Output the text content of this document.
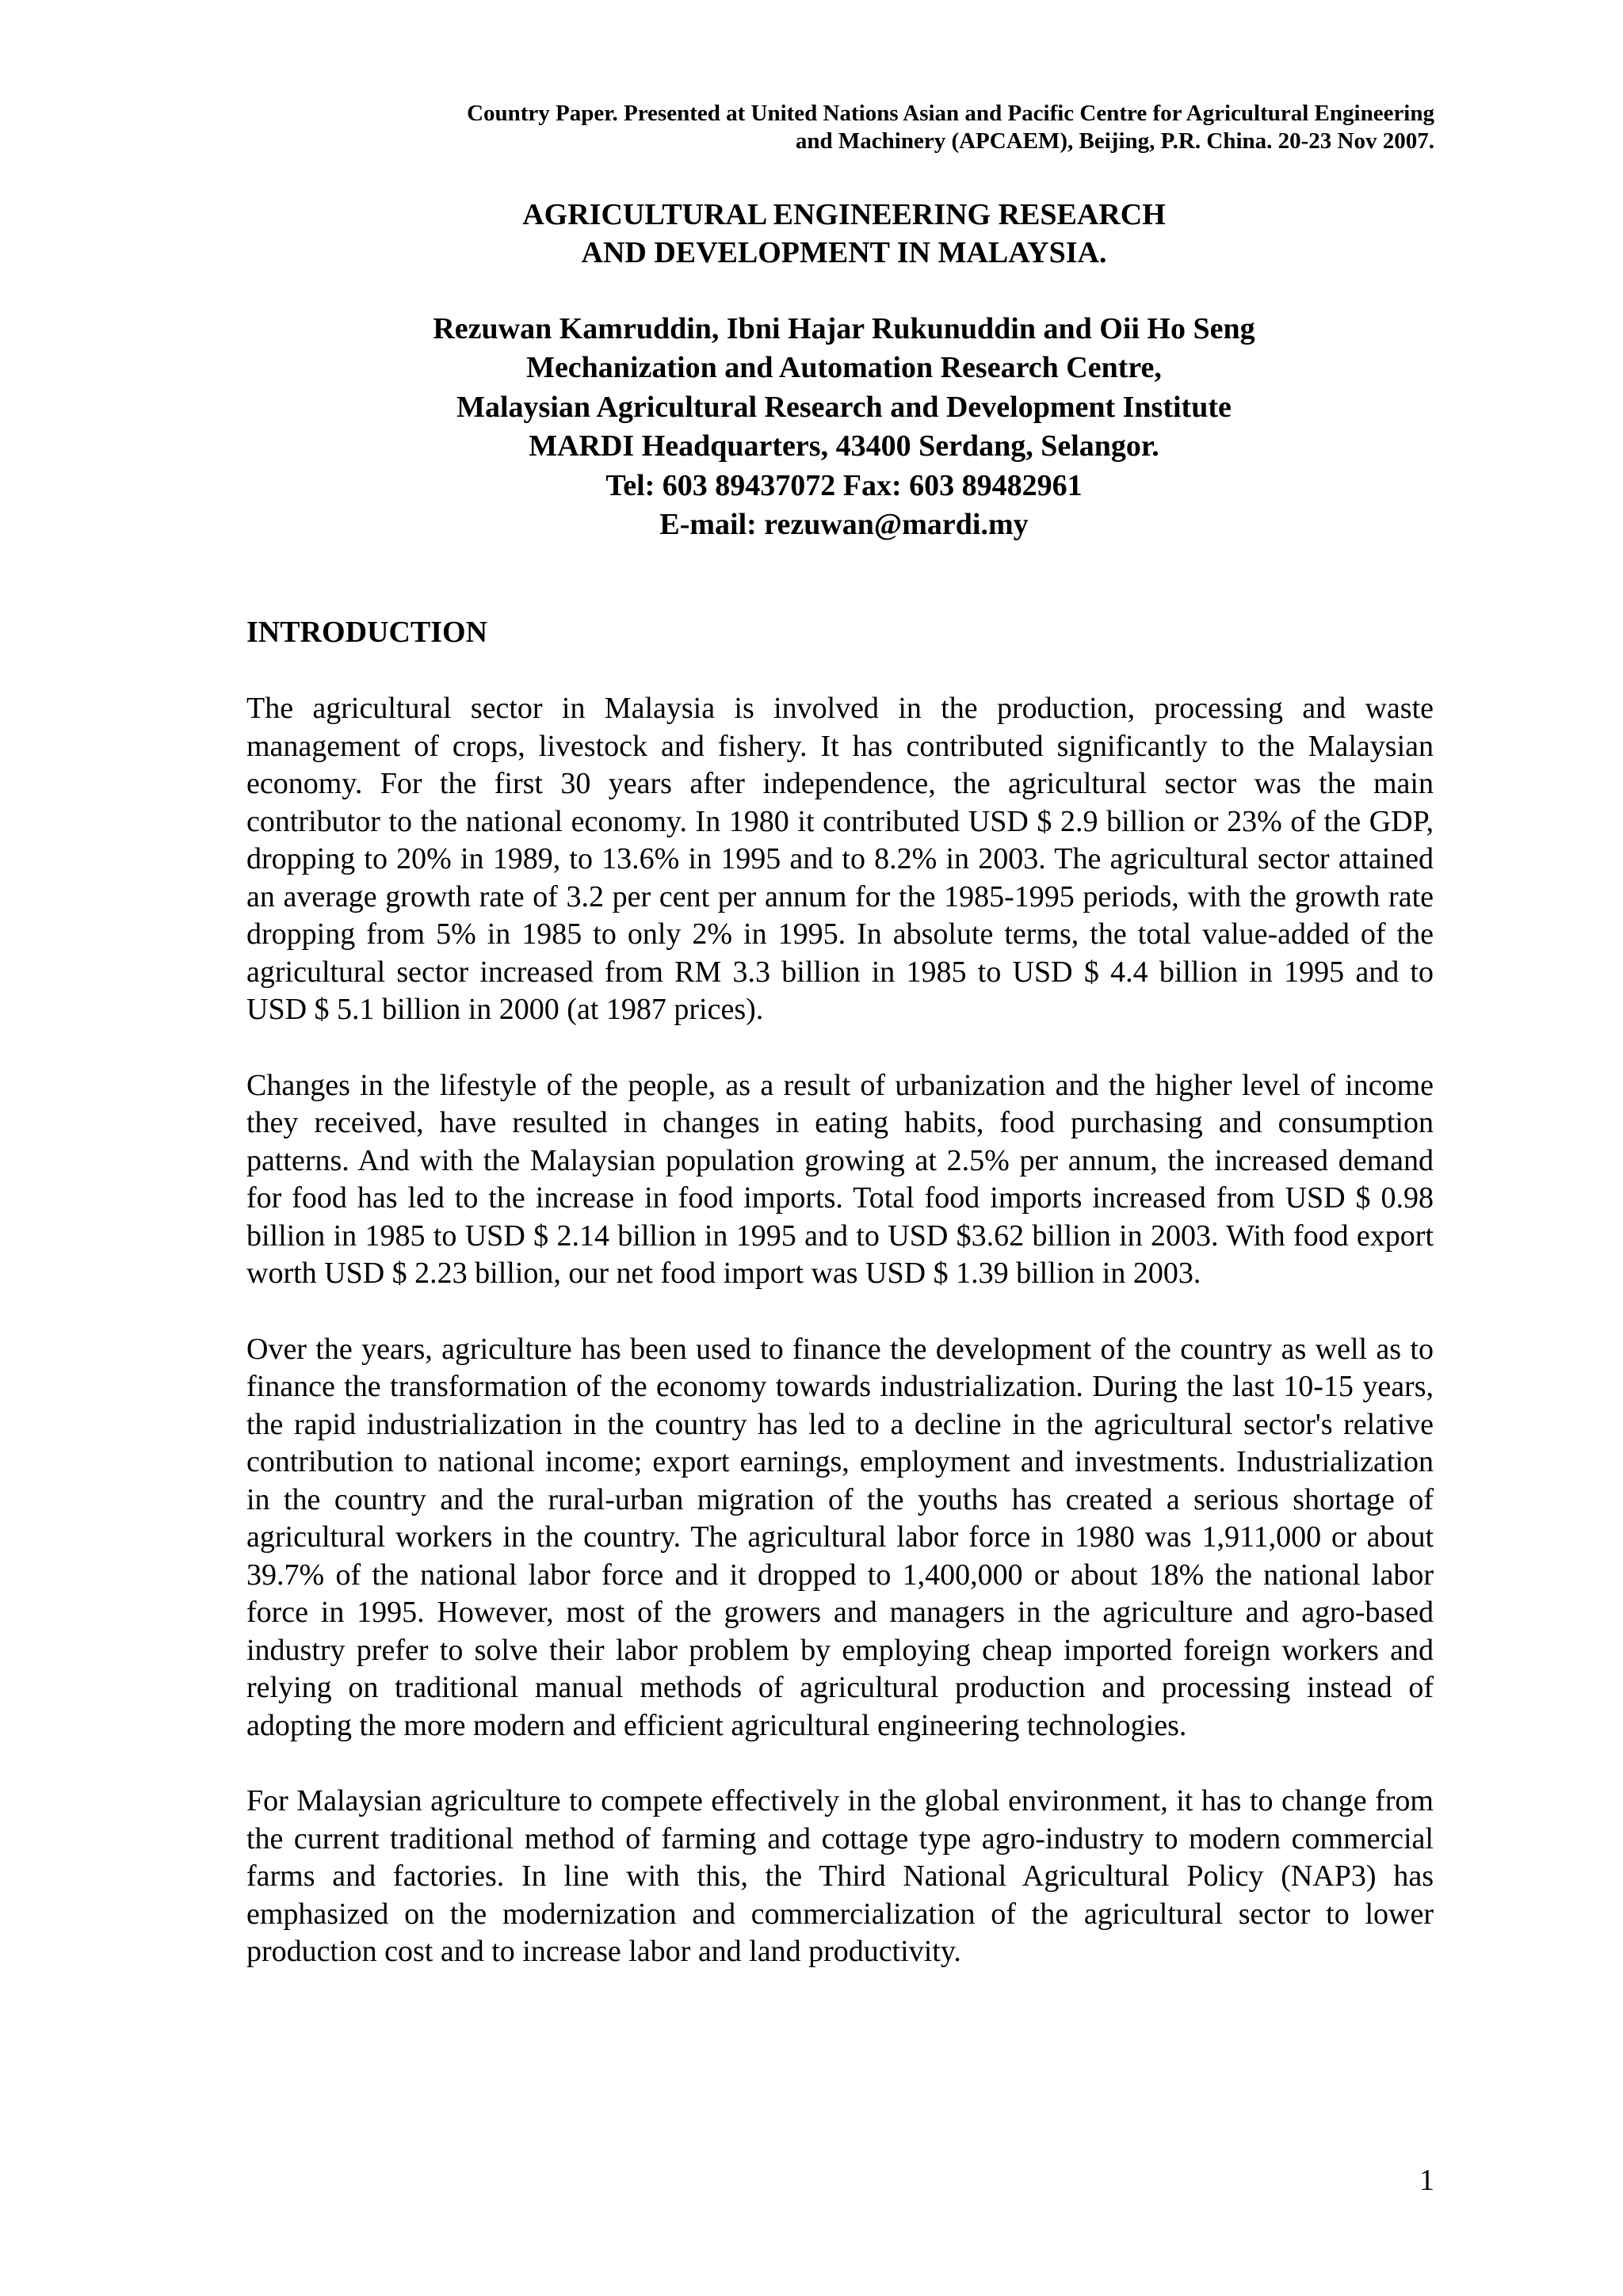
Country Paper. Presented at United Nations Asian and Pacific Centre for Agricultural Engineering
and Machinery (APCAEM), Beijing, P.R. China. 20-23 Nov 2007.
AGRICULTURAL ENGINEERING RESEARCH
AND DEVELOPMENT IN MALAYSIA.
Rezuwan Kamruddin, Ibni Hajar Rukunuddin and Oii Ho Seng
Mechanization and Automation Research Centre,
Malaysian Agricultural Research and Development Institute
MARDI Headquarters, 43400 Serdang, Selangor.
Tel: 603 89437072 Fax: 603 89482961
E-mail: rezuwan@mardi.my
INTRODUCTION

The agricultural sector in Malaysia is involved in the production, processing and waste management of crops, livestock and fishery. It has contributed significantly to the Malaysian economy. For the first 30 years after independence, the agricultural sector was the main contributor to the national economy. In 1980 it contributed USD $ 2.9 billion or 23% of the GDP, dropping to 20% in 1989, to 13.6% in 1995 and to 8.2% in 2003. The agricultural sector attained an average growth rate of 3.2 per cent per annum for the 1985-1995 periods, with the growth rate dropping from 5% in 1985 to only 2% in 1995. In absolute terms, the total value-added of the agricultural sector increased from RM 3.3 billion in 1985 to USD $ 4.4 billion in 1995 and to USD $ 5.1 billion in 2000 (at 1987 prices).

Changes in the lifestyle of the people, as a result of urbanization and the higher level of income they received, have resulted in changes in eating habits, food purchasing and consumption patterns. And with the Malaysian population growing at 2.5% per annum, the increased demand for food has led to the increase in food imports. Total food imports increased from USD $ 0.98 billion in 1985 to USD $ 2.14 billion in 1995 and to USD $3.62 billion in 2003. With food export worth USD $ 2.23 billion, our net food import was USD $ 1.39 billion in 2003.

Over the years, agriculture has been used to finance the development of the country as well as to finance the transformation of the economy towards industrialization. During the last 10-15 years, the rapid industrialization in the country has led to a decline in the agricultural sector's relative contribution to national income; export earnings, employment and investments. Industrialization in the country and the rural-urban migration of the youths has created a serious shortage of agricultural workers in the country. The agricultural labor force in 1980 was 1,911,000 or about 39.7% of the national labor force and it dropped to 1,400,000 or about 18% the national labor force in 1995. However, most of the growers and managers in the agriculture and agro-based industry prefer to solve their labor problem by employing cheap imported foreign workers and relying on traditional manual methods of agricultural production and processing instead of adopting the more modern and efficient agricultural engineering technologies.

For Malaysian agriculture to compete effectively in the global environment, it has to change from the current traditional method of farming and cottage type agro-industry to modern commercial farms and factories. In line with this, the Third National Agricultural Policy (NAP3) has emphasized on the modernization and commercialization of the agricultural sector to lower production cost and to increase labor and land productivity.

1
